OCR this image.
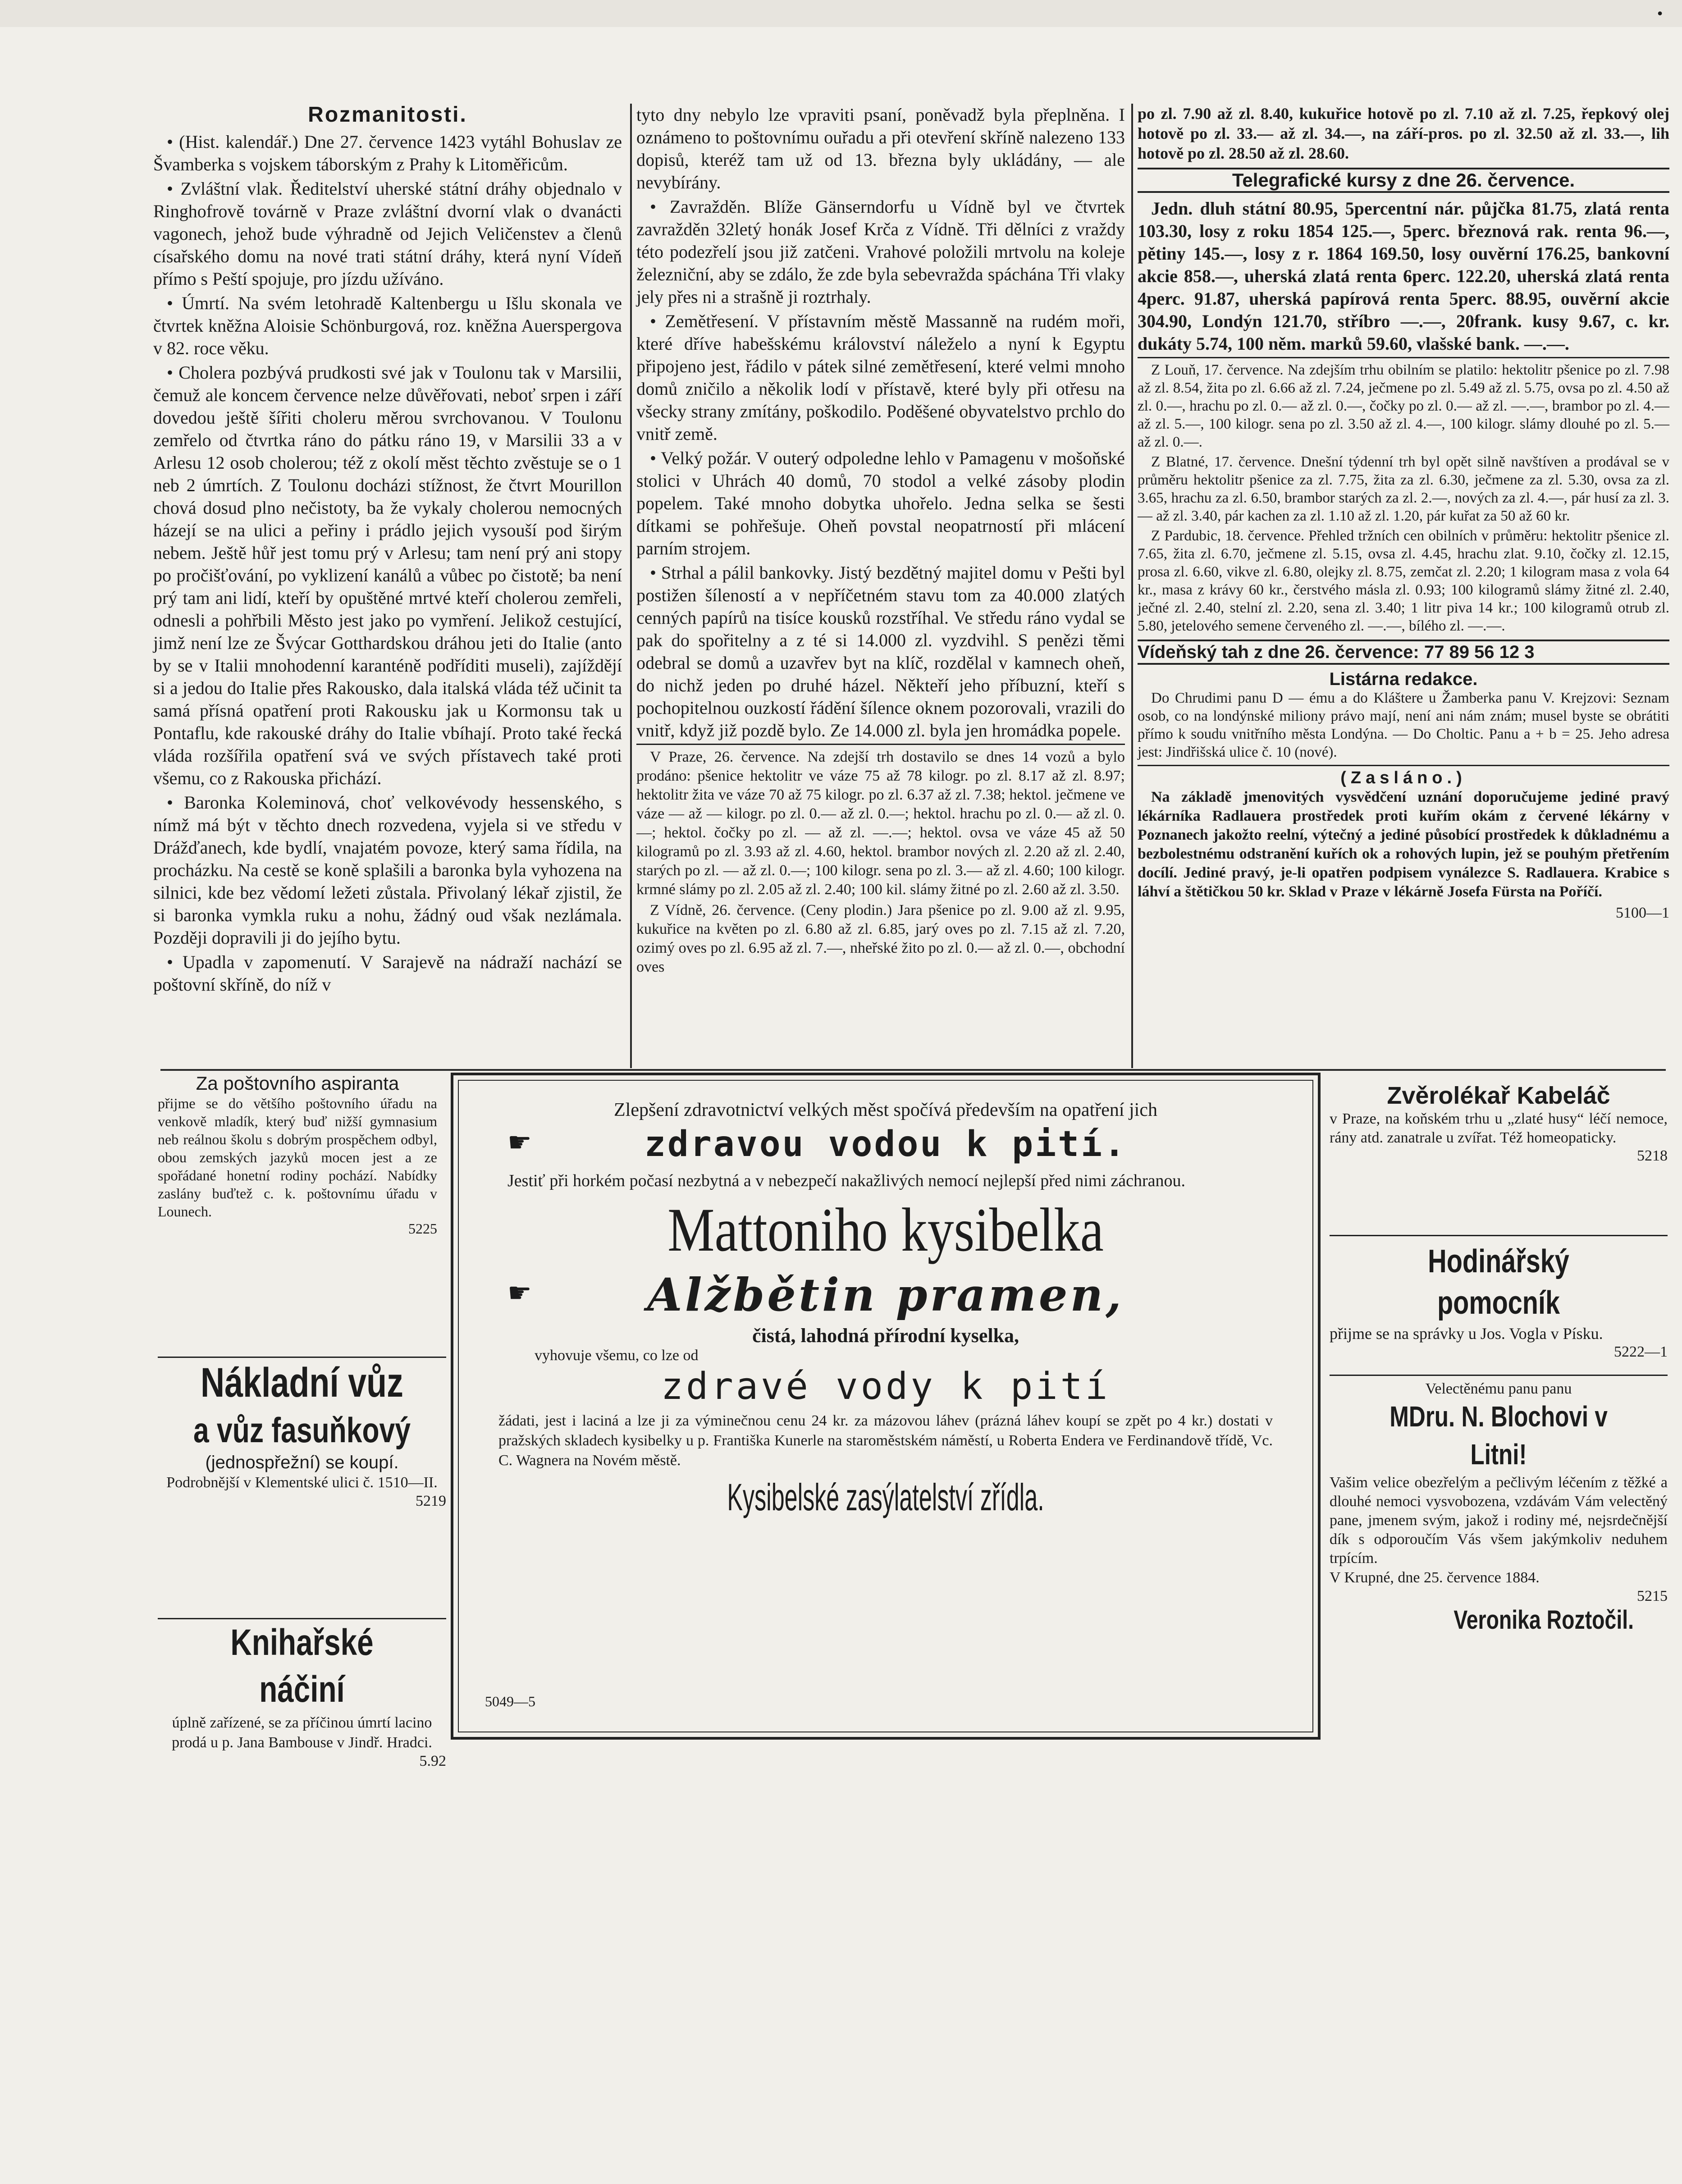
•
Rozmanitosti.

• (Hist. kalendář.) Dne 27. července 1423 vytáhl Bohuslav ze Švamberka s vojskem táborským z Prahy k Litoměřicům.

• Zvláštní vlak. Ředitelství uherské státní dráhy objednalo v Ringhofrově továrně v Praze zvláštní dvorní vlak o dvanácti vagonech, jehož bude výhradně od Jejich Veličenstev a členů císařského domu na nové trati státní dráhy, která nyní Vídeň přímo s Peští spojuje, pro jízdu užíváno.

• Úmrtí. Na svém letohradě Kaltenbergu u Išlu skonala ve čtvrtek kněžna Aloisie Schönburgová, roz. kněžna Auerspergova v 82. roce věku.

• Cholera pozbývá prudkosti své jak v Toulonu tak v Marsilii, čemuž ale koncem července nelze důvěřovati, neboť srpen i září dovedou ještě šířiti choleru měrou svrchovanou. V Toulonu zemřelo od čtvrtka ráno do pátku ráno 19, v Marsilii 33 a v Arlesu 12 osob cholerou; též z okolí měst těchto zvěstuje se o 1 neb 2 úmrtích. Z Toulonu docházi stížnost, že čtvrt Mourillon chová dosud plno nečistoty, ba že vykaly cholerou nemocných házejí se na ulici a peřiny i prádlo jejich vysouší pod širým nebem. Ještě hůř jest tomu prý v Arlesu; tam není prý ani stopy po pročišťování, po vyklizení kanálů a vůbec po čistotě; ba není prý tam ani lidí, kteří by opuštěné mrtvé kteří cholerou zemřeli, odnesli a pohřbili Město jest jako po vymření. Jelikož cestující, jimž není lze ze Švýcar Gotthardskou dráhou jeti do Italie (anto by se v Italii mnohodenní karanténě podříditi museli), zajíždějí si a jedou do Italie přes Rakousko, dala italská vláda též učinit ta samá přísná opatření proti Rakousku jak u Kormonsu tak u Pontaflu, kde rakouské dráhy do Italie vbíhají. Proto také řecká vláda rozšířila opatření svá ve svých přístavech také proti všemu, co z Rakouska přichází.

• Baronka Koleminová, choť velkovévody hessenského, s nímž má být v těchto dnech rozvedena, vyjela si ve středu v Drážďanech, kde bydlí, vnajatém povoze, který sama řídila, na procházku. Na cestě se koně splašili a baronka byla vyhozena na silnici, kde bez vědomí ležeti zůstala. Přivolaný lékař zjistil, že si baronka vymkla ruku a nohu, žádný oud však nezlámala. Později dopravili ji do jejího bytu.

• Upadla v zapomenutí. V Sarajevě na nádraží nachází se poštovní skříně, do níž v

tyto dny nebylo lze vpraviti psaní, poněvadž byla přeplněna. I oznámeno to poštovnímu ouřadu a při otevření skříně nalezeno 133 dopisů, kteréž tam už od 13. března byly ukládány, — ale nevybírány.

• Zavražděn. Blíže Gänserndorfu u Vídně byl ve čtvrtek zavražděn 32letý honák Josef Krča z Vídně. Tři dělníci z vraždy této podezřelí jsou již zatčeni. Vrahové položili mrtvolu na koleje železniční, aby se zdálo, že zde byla sebevražda spáchána Tři vlaky jely přes ni a strašně ji roztrhaly.

• Zemětřesení. V přístavním městě Massanně na rudém moři, které dříve habešskému království náleželo a nyní k Egyptu připojeno jest, řádilo v pátek silné zemětřesení, které velmi mnoho domů zničilo a několik lodí v přístavě, které byly při otřesu na všecky strany zmítány, poškodilo. Poděšené obyvatelstvo prchlo do vnitř země.

• Velký požár. V outerý odpoledne lehlo v Pamagenu v mošoňské stolici v Uhrách 40 domů, 70 stodol a velké zásoby plodin popelem. Také mnoho dobytka uhořelo. Jedna selka se šesti dítkami se pohřešuje. Oheň povstal neopatrností při mlácení parním strojem.

• Strhal a pálil bankovky. Jistý bezdětný majitel domu v Pešti byl postižen šíleností a v nepříčetném stavu tom za 40.000 zlatých cenných papírů na tisíce kousků rozstříhal. Ve středu ráno vydal se pak do spořitelny a z té si 14.000 zl. vyzdvihl. S penězi těmi odebral se domů a uzavřev byt na klíč, rozdělal v kamnech oheň, do nichž jeden po druhé házel. Někteří jeho příbuzní, kteří s pochopitelnou ouzkostí řádění šílence oknem pozorovali, vrazili do vnitř, když již pozdě bylo. Ze 14.000 zl. byla jen hromádka popele.

V Praze, 26. července. Na zdejší trh dostavilo se dnes 14 vozů a bylo prodáno: pšenice hektolitr ve váze 75 až 78 kilogr. po zl. 8.17 až zl. 8.97; hektolitr žita ve váze 70 až 75 kilogr. po zl. 6.37 až zl. 7.38; hektol. ječmene ve váze — až — kilogr. po zl. 0.— až zl. 0.—; hektol. hrachu po zl. 0.— až zl. 0.—; hektol. čočky po zl. — až zl. —.—; hektol. ovsa ve váze 45 až 50 kilogramů po zl. 3.93 až zl. 4.60, hektol. brambor nových zl. 2.20 až zl. 2.40, starých po zl. — až zl. 0.—; 100 kilogr. sena po zl. 3.— až zl. 4.60; 100 kilogr. krmné slámy po zl. 2.05 až zl. 2.40; 100 kil. slámy žitné po zl. 2.60 až zl. 3.50.

Z Vídně, 26. července. (Ceny plodin.) Jara pšenice po zl. 9.00 až zl. 9.95, kukuřice na květen po zl. 6.80 až zl. 6.85, jarý oves po zl. 7.15 až zl. 7.20, ozimý oves po zl. 6.95 až zl. 7.—, nheřské žito po zl. 0.— až zl. 0.—, obchodní oves

po zl. 7.90 až zl. 8.40, kukuřice hotově po zl. 7.10 až zl. 7.25, řepkový olej hotově po zl. 33.— až zl. 34.—, na září-pros. po zl. 32.50 až zl. 33.—, lih hotově po zl. 28.50 až zl. 28.60.

Telegrafické kursy z dne 26. července.

Jedn. dluh státní 80.95, 5percentní nár. půjčka 81.75, zlatá renta 103.30, losy z roku 1854 125.—, 5perc. březnová rak. renta 96.—, pětiny 145.—, losy z r. 1864 169.50, losy ouvěrní 176.25, bankovní akcie 858.—, uherská zlatá renta 6perc. 122.20, uherská zlatá renta 4perc. 91.87, uherská papírová renta 5perc. 88.95, ouvěrní akcie 304.90, Londýn 121.70, stříbro —.—, 20frank. kusy 9.67, c. kr. dukáty 5.74, 100 něm. marků 59.60, vlašské bank. —.—.

Z Louň, 17. července. Na zdejším trhu obilním se platilo: hektolitr pšenice po zl. 7.98 až zl. 8.54, žita po zl. 6.66 až zl. 7.24, ječmene po zl. 5.49 až zl. 5.75, ovsa po zl. 4.50 až zl. 0.—, hrachu po zl. 0.— až zl. 0.—, čočky po zl. 0.— až zl. —.—, brambor po zl. 4.— až zl. 5.—, 100 kilogr. sena po zl. 3.50 až zl. 4.—, 100 kilogr. slámy dlouhé po zl. 5.— až zl. 0.—.

Z Blatné, 17. července. Dnešní týdenní trh byl opět silně navštíven a prodával se v průměru hektolitr pšenice za zl. 7.75, žita za zl. 6.30, ječmene za zl. 5.30, ovsa za zl. 3.65, hrachu za zl. 6.50, brambor starých za zl. 2.—, nových za zl. 4.—, pár husí za zl. 3.— až zl. 3.40, pár kachen za zl. 1.10 až zl. 1.20, pár kuřat za 50 až 60 kr.

Z Pardubic, 18. července. Přehled tržních cen obilních v průměru: hektolitr pšenice zl. 7.65, žita zl. 6.70, ječmene zl. 5.15, ovsa zl. 4.45, hrachu zlat. 9.10, čočky zl. 12.15, prosa zl. 6.60, vikve zl. 6.80, olejky zl. 8.75, zemčat zl. 2.20; 1 kilogram masa z vola 64 kr., masa z krávy 60 kr., čerstvého másla zl. 0.93; 100 kilogramů slámy žitné zl. 2.40, ječné zl. 2.40, stelní zl. 2.20, sena zl. 3.40; 1 litr piva 14 kr.; 100 kilogramů otrub zl. 5.80, jetelového semene červeného zl. —.—, bílého zl. —.—.

Vídeňský tah z dne 26. července: 77 89 56 12 3
Listárna redakce.

Do Chrudimi panu D — ému a do Kláštere u Žamberka panu V. Krejzovi: Seznam osob, co na londýnské miliony právo mají, není ani nám znám; musel byste se obrátiti přímo k soudu vnitřního města Londýna. — Do Choltic. Panu a + b = 25. Jeho adresa jest: Jindřišská ulice č. 10 (nové).

(Zasláno.)

Na základě jmenovitých vysvědčení uznání doporučujeme jediné pravý lékárníka Radlauera prostředek proti kuřím okám z červené lékárny v Poznanech jakožto reelní, výtečný a jediné působící prostředek k důkladnému a bezbolestnému odstranění kuřích ok a rohových lupin, jež se pouhým přetřením docílí. Jediné pravý, je-li opatřen podpisem vynálezce S. Radlauera. Krabice s láhví a štětičkou 50 kr. Sklad v Praze v lékárně Josefa Fürsta na Poříčí.

5100—1
Za poštovního aspiranta
přijme se do většího poštovního úřadu na venkově mladík, který buď nižší gymnasium neb reálnou školu s dobrým prospěchem odbyl, obou zemských jazyků mocen jest a ze spořádané honetní rodiny pochází. Nabídky zaslány buďtež c. k. poštovnímu úřadu v Lounech.
5225
Nákladní vůz
a vůz fasuňkový
(jednospřežní) se koupí.
Podrobnější v Klementské ulici č. 1510—II.
5219
Knihařské náčiní
úplně zařízené, se za příčinou úmrtí lacino prodá u p. Jana Bambouse v Jindř. Hradci.
5.92
Zlepšení zdravotnictví velkých měst spočívá především na opatření jich
☛	zdravou vodou k pití.
Jestiť při horkém počasí nezbytná a v nebezpečí nakažlivých nemocí nejlepší před nimi záchranou.
Mattoniho kysibelka
☛	Alžbětin pramen,
čistá, lahodná přírodní kyselka,
vyhovuje všemu, co lze od
zdravé vody k pití
žádati, jest i laciná a lze ji za výminečnou cenu 24 kr. za mázovou láhev (prázná láhev koupí se zpět po 4 kr.) dostati v pražských skladech kysibelky u p. Františka Kunerle na staroměstském náměstí, u Roberta Endera ve Ferdinandově třídě, Vc. C. Wagnera na Novém městě.
Kysibelské zasýlatelství zřídla.
5049—5
Zvěrolékař Kabeláč
v Praze, na koňském trhu u „zlaté husy“ léčí nemoce, rány atd. zanatrale u zvířat. Též homeopaticky.
5218
Hodinářský pomocník
přijme se na správky u Jos. Vogla v Písku.
5222—1
Velectěnému panu panu
MDru. N. Blochovi v Litni!
Vašim velice obezřelým a pečlivým léčením z těžké a dlouhé nemoci vysvobozena, vzdávám Vám velectěný pane, jmenem svým, jakož i rodiny mé, nejsrdečnější dík s odporoučím Vás všem jakýmkoliv neduhem trpícím.
V Krupné, dne 25. července 1884.
5215
Veronika Roztočil.
